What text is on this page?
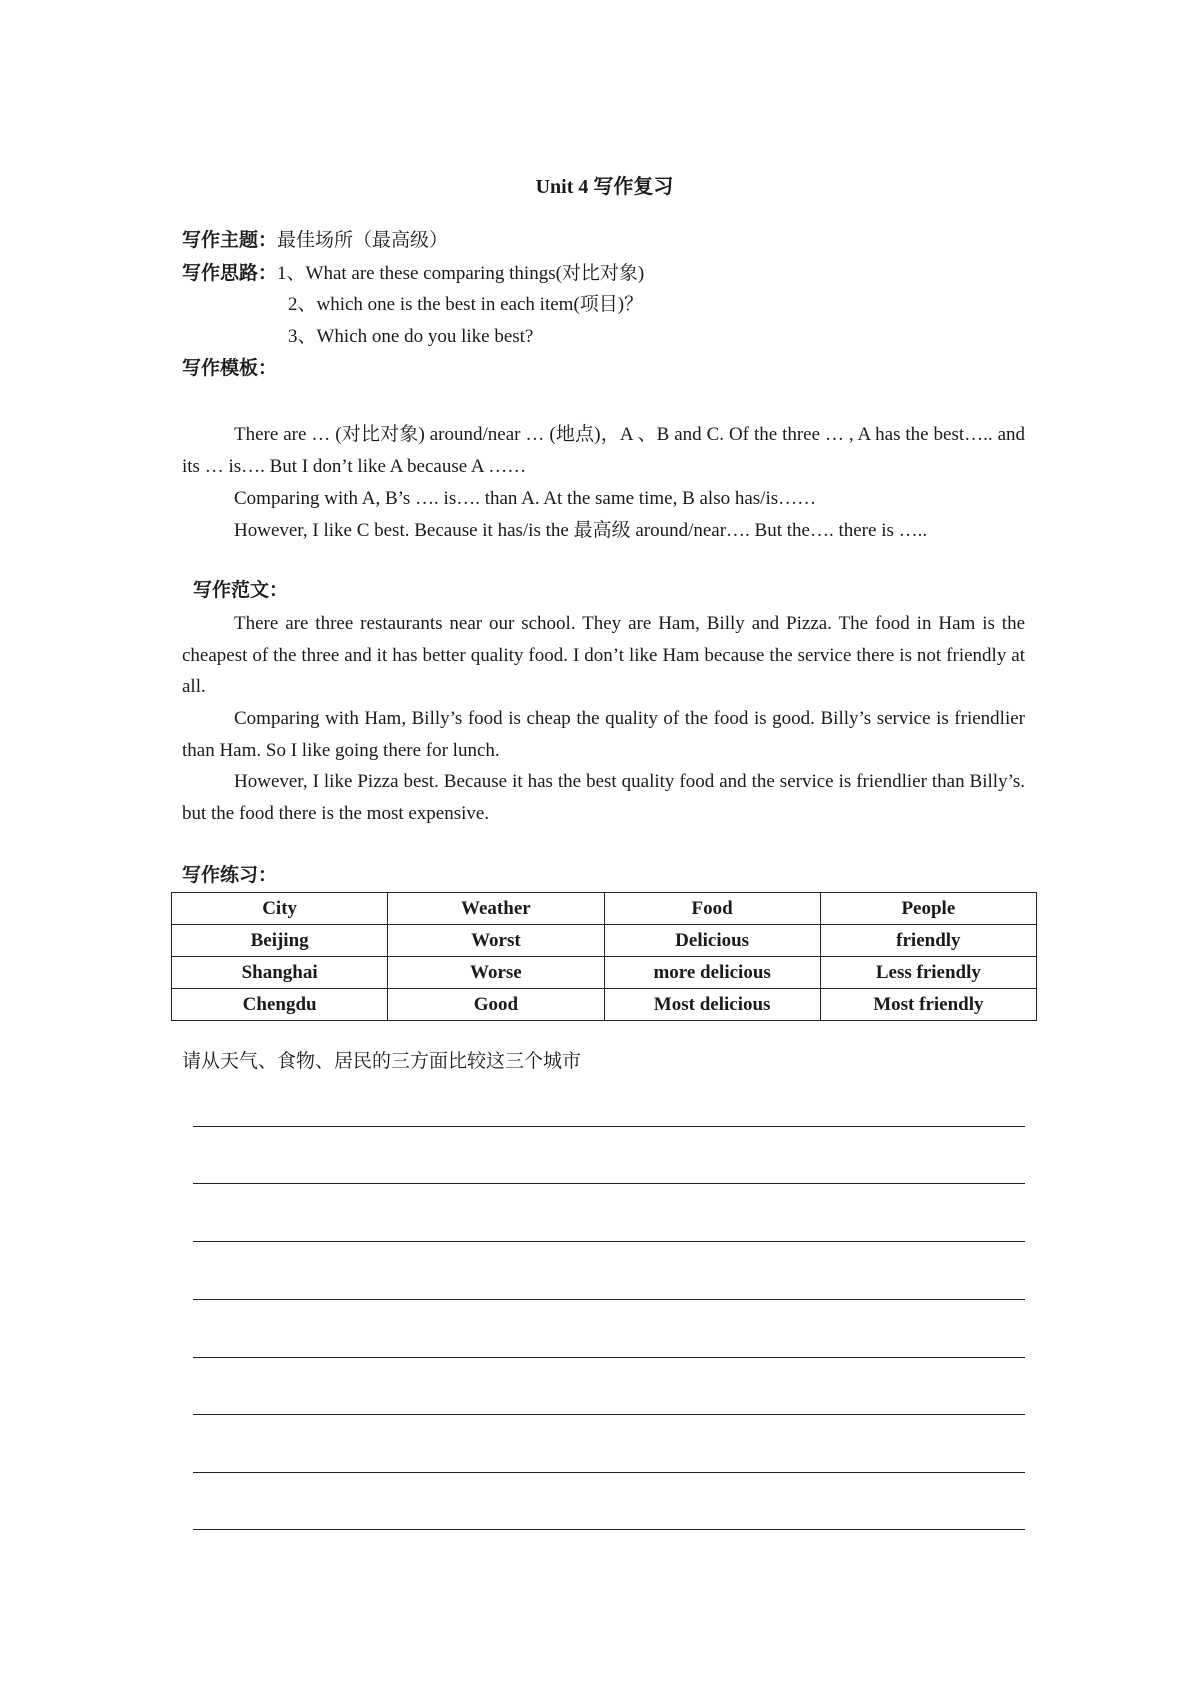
Unit 4 写作复习
写作主题：最佳场所（最高级）
写作思路：1、What are these comparing things(对比对象)
2、which one is the best in each item(项目)？
3、Which one do you like best?
写作模板：
There are … (对比对象) around/near … (地点)，A 、B and C. Of the three … , A has the best….. and its … is…. But I don’t like A because A ……
Comparing with A, B’s …. is…. than A. At the same time, B also has/is……
However, I like C best. Because it has/is the 最高级 around/near…. But the…. there is …..
写作范文：
There are three restaurants near our school. They are Ham, Billy and Pizza. The food in Ham is the cheapest of the three and it has better quality food. I don’t like Ham because the service there is not friendly at all.
Comparing with Ham, Billy’s food is cheap the quality of the food is good. Billy’s service is friendlier than Ham. So I like going there for lunch.
However, I like Pizza best. Because it has the best quality food and the service is friendlier than Billy’s. but the food there is the most expensive.
写作练习：
City	Weather	Food	People
Beijing	Worst	Delicious	friendly
Shanghai	Worse	more delicious	Less friendly
Chengdu	Good	Most delicious	Most friendly
请从天气、食物、居民的三方面比较这三个城市
